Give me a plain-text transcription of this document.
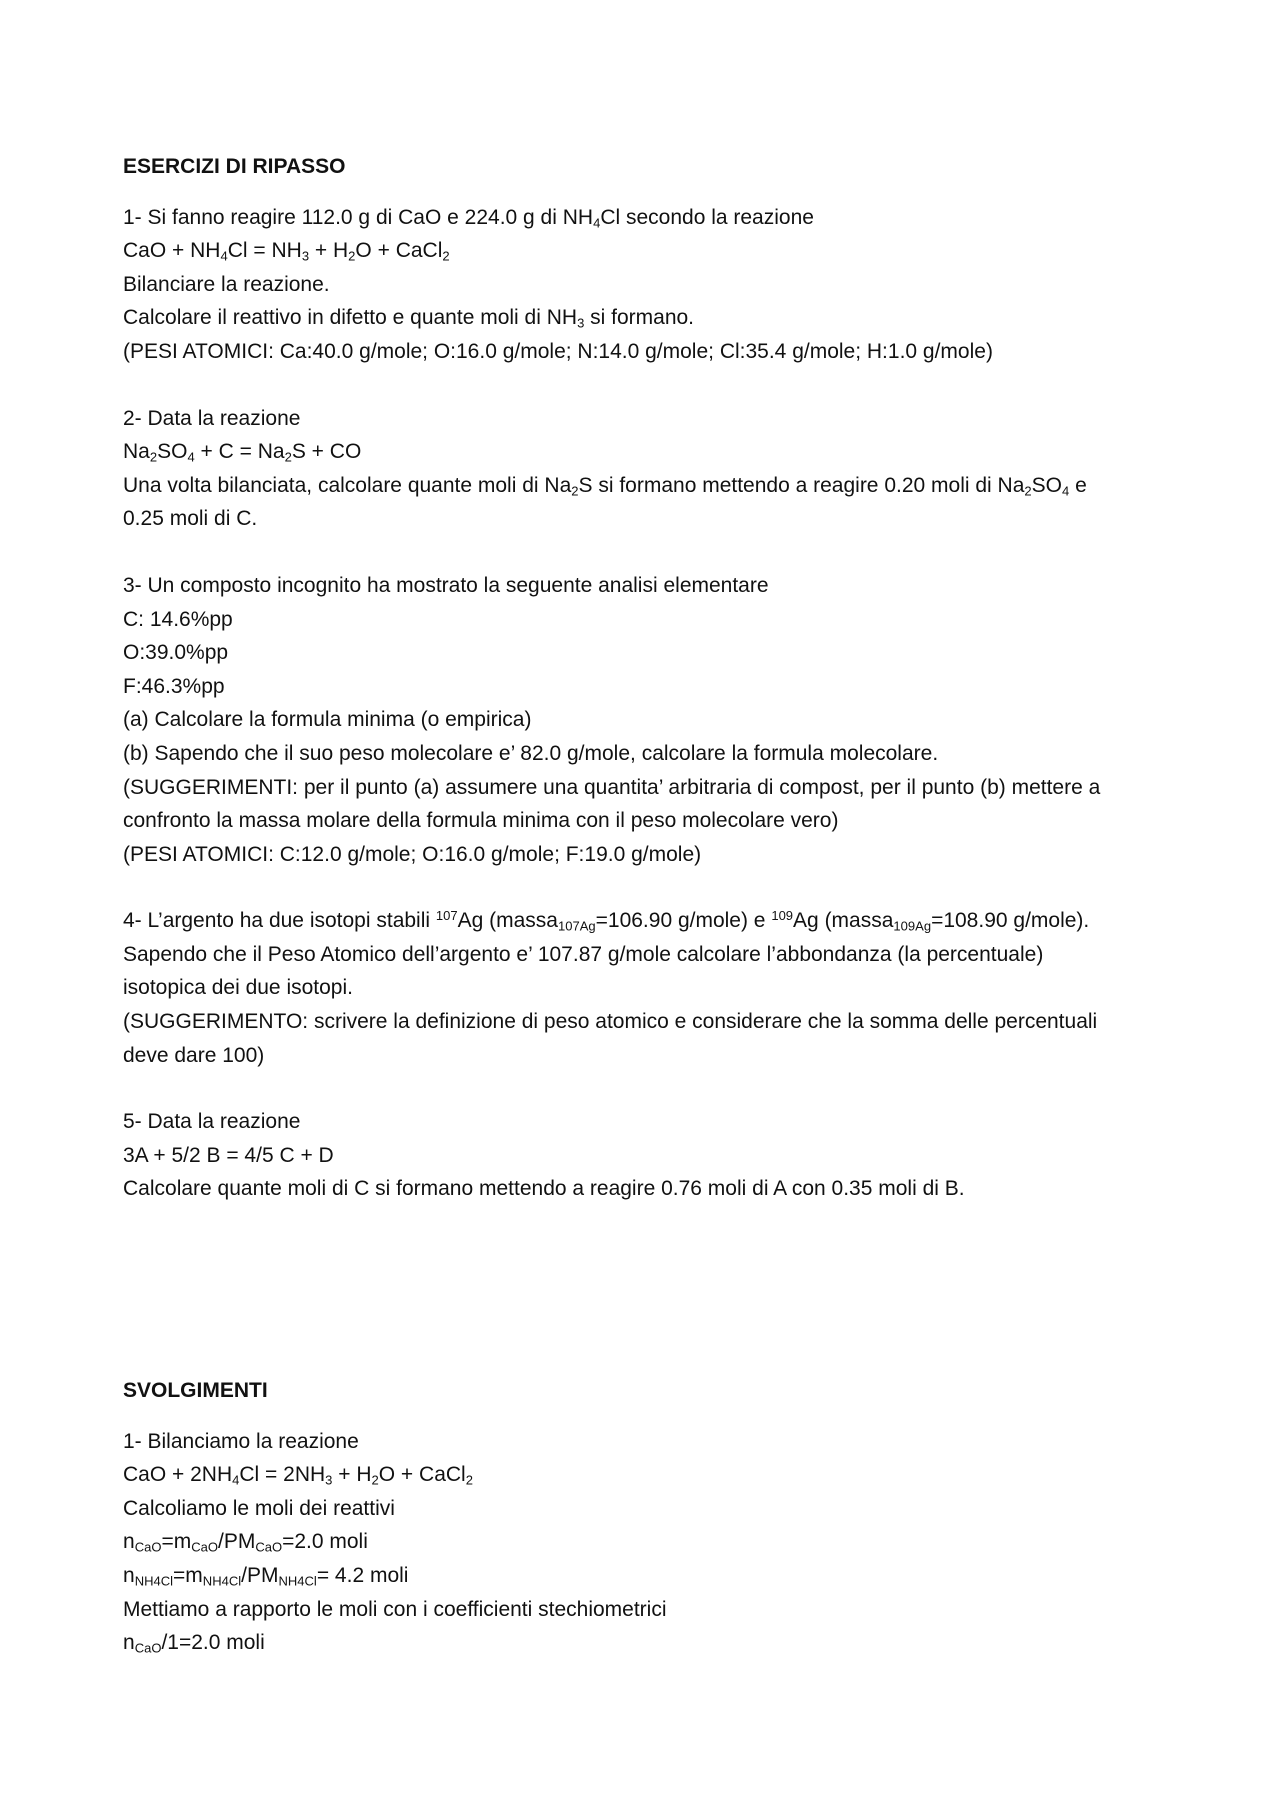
ESERCIZI DI RIPASSO
1- Si fanno reagire 112.0 g di CaO e 224.0 g di $NH_4Cl$ secondo la reazione
CaO + $NH_4Cl = NH_3 + H_2O$ + CaCl$_2$
Bilanciare la reazione.
Calcolare il reattivo in difetto e quante moli di $NH_3$ si formano.
(PESI ATOMICI: Ca:40.0 g/mole; O:16.0 g/mole; N:14.0 g/mole; Cl:35.4 g/mole; H:1.0 g/mole)
2- Data la reazione
$Na_2SO_4 + C = Na_2S$ + CO
Una volta bilanciata, calcolare quante moli di $Na_2S$ si formano mettendo a reagire 0.20 moli di $Na_2SO_4$ e
0.25 moli di C.
3- Un composto incognito ha mostrato la seguente analisi elementare
C: 14.6%pp
O:39.0%pp
F:46.3%pp
(a) Calcolare la formula minima (o empirica)
(b) Sapendo che il suo peso molecolare e’ 82.0 g/mole, calcolare la formula molecolare.
(SUGGERIMENTI: per il punto (a) assumere una quantita’ arbitraria di compost, per il punto (b) mettere a
confronto la massa molare della formula minima con il peso molecolare vero)
(PESI ATOMICI: C:12.0 g/mole; O:16.0 g/mole; F:19.0 g/mole)
4- L’argento ha due isotopi stabili $^{107}$Ag (massa$_{107Ag}$=106.90 g/mole) e $^{109}$Ag (massa$_{109Ag}$=108.90 g/mole).
Sapendo che il Peso Atomico dell’argento e’ 107.87 g/mole calcolare l’abbondanza (la percentuale)
isotopica dei due isotopi.
(SUGGERIMENTO: scrivere la definizione di peso atomico e considerare che la somma delle percentuali
deve dare 100)
5- Data la reazione
3A + 5/2 B = 4/5 C + D
Calcolare quante moli di C si formano mettendo a reagire 0.76 moli di A con 0.35 moli di B.
SVOLGIMENTI
1- Bilanciamo la reazione
CaO + $2NH_4Cl = 2NH_3 + H_2O$ + CaCl$_2$
Calcoliamo le moli dei reattivi
$n_{CaO}=m_{CaO}/PM_{CaO}=2.0$ moli
$n_{NH4Cl}=m_{NH4Cl}/PM_{NH4Cl}= 4.2$ moli
Mettiamo a rapporto le moli con i coefficienti stechiometrici
$n_{CaO}/1=2.0$ moli
